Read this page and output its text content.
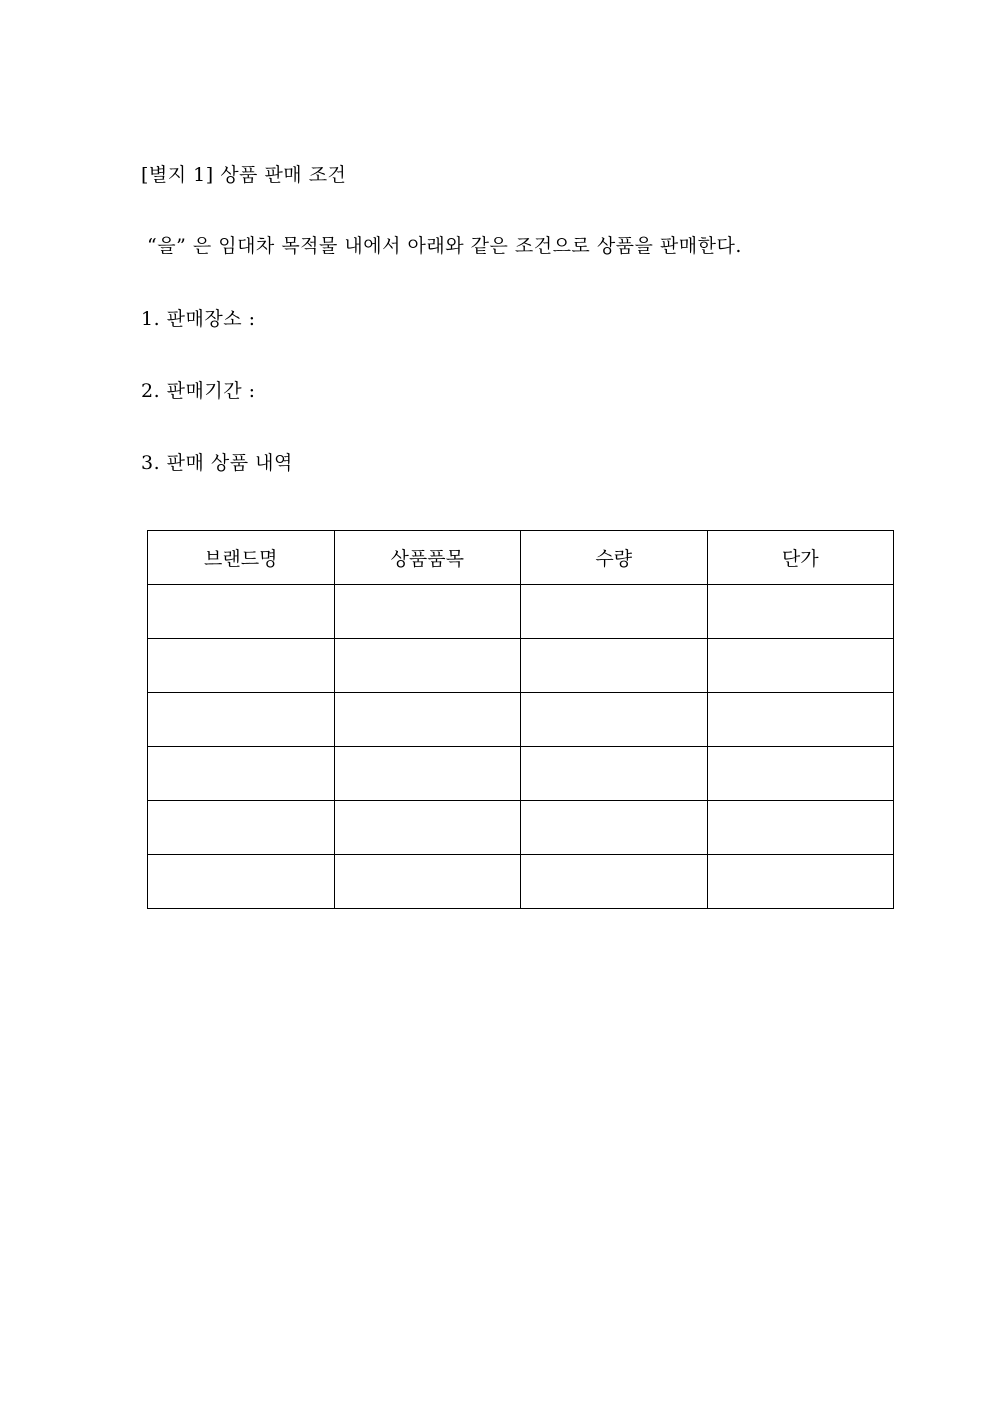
[별지 1] 상품 판매 조건
“을” 은 임대차 목적물 내에서 아래와 같은 조건으로 상품을 판매한다.
1. 판매장소 :
2. 판매기간 :
3. 판매 상품 내역
브랜드명	상품품목	수량	단가
